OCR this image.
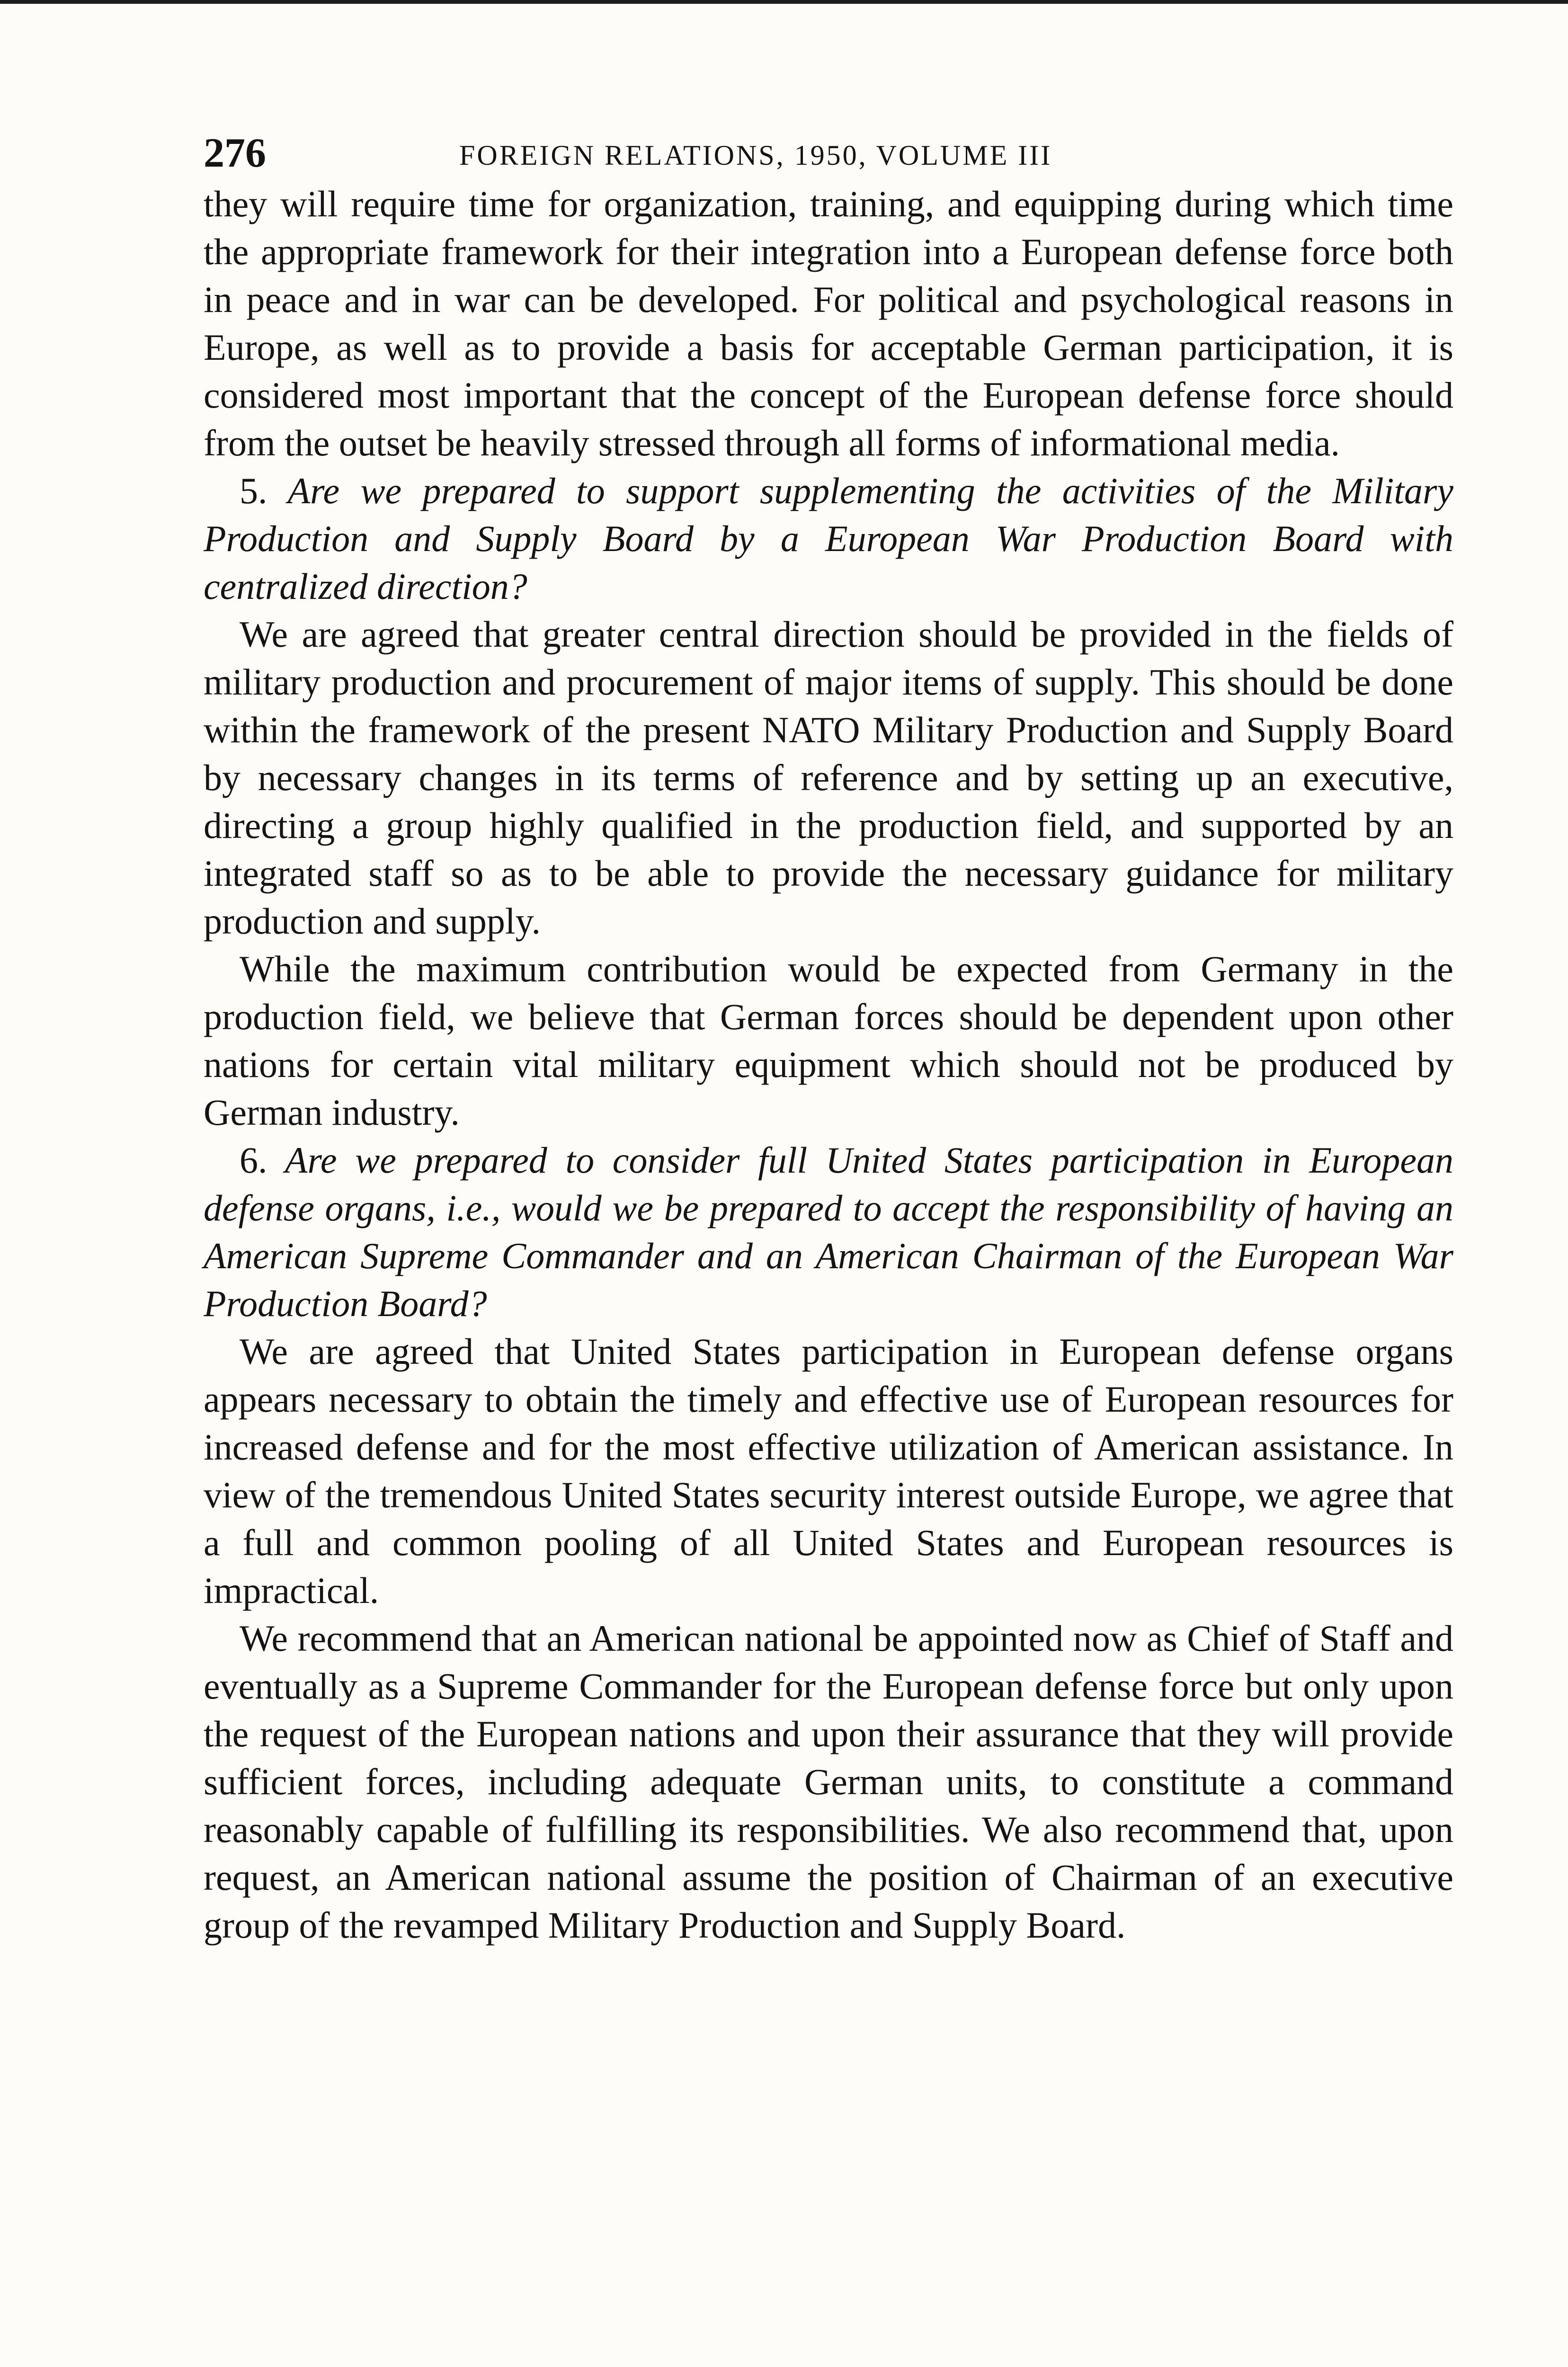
276	FOREIGN RELATIONS, 1950, VOLUME III

they will require time for organization, training, and equipping during which time the appropriate framework for their integration into a European defense force both in peace and in war can be developed. For political and psychological reasons in Europe, as well as to provide a basis for acceptable German participation, it is considered most important that the concept of the European defense force should from the outset be heavily stressed through all forms of informational media.

5. Are we prepared to support supplementing the activities of the Military Production and Supply Board by a European War Production Board with centralized direction?

We are agreed that greater central direction should be provided in the fields of military production and procurement of major items of supply. This should be done within the framework of the present NATO Military Production and Supply Board by necessary changes in its terms of reference and by setting up an executive, directing a group highly qualified in the production field, and supported by an integrated staff so as to be able to provide the necessary guidance for military production and supply.

While the maximum contribution would be expected from Germany in the production field, we believe that German forces should be dependent upon other nations for certain vital military equipment which should not be produced by German industry.

6. Are we prepared to consider full United States participation in European defense organs, i.e., would we be prepared to accept the responsibility of having an American Supreme Commander and an American Chairman of the European War Production Board?

We are agreed that United States participation in European defense organs appears necessary to obtain the timely and effective use of European resources for increased defense and for the most effective utilization of American assistance. In view of the tremendous United States security interest outside Europe, we agree that a full and common pooling of all United States and European resources is impractical.

We recommend that an American national be appointed now as Chief of Staff and eventually as a Supreme Commander for the European defense force but only upon the request of the European nations and upon their assurance that they will provide sufficient forces, including adequate German units, to constitute a command reasonably capable of fulfilling its responsibilities. We also recommend that, upon request, an American national assume the position of Chairman of an executive group of the revamped Military Production and Supply Board.
